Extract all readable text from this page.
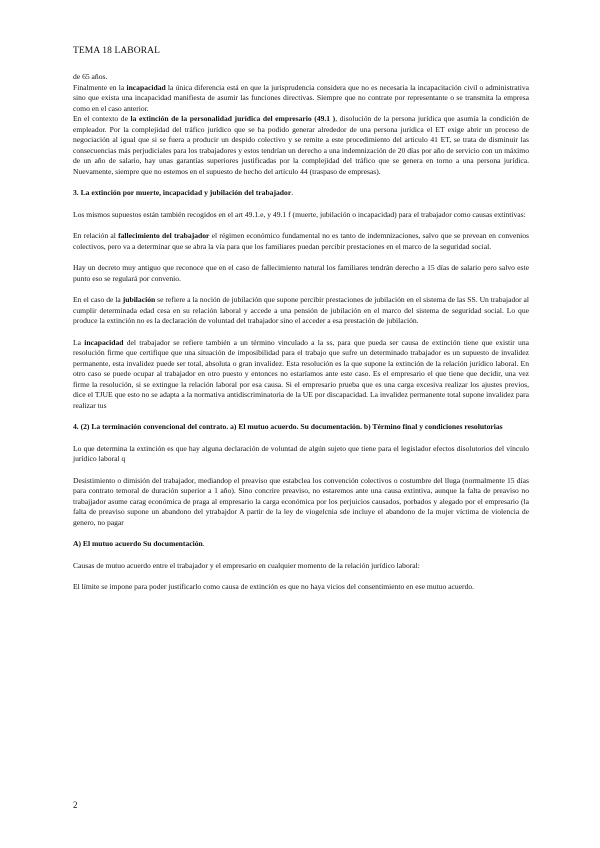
TEMA 18 LABORAL

de 65 años.

Finalmente en la incapacidad la única diferencia está en que la jurisprudencia considera que no es necesaria la incapacitación civil o administrativa sino que exista una incapacidad manifiesta de asumir las funciones directivas. Siempre que no contrate por representante o se transmita la empresa como en el caso anterior.

En el contexto de la extinción de la personalidad jurídica del empresario (49.1 ), disolución de la persona jurídica que asumía la condición de empleador. Por la complejidad del tráfico jurídico que se ha podido generar alrededor de una persona jurídica el ET exige abrir un proceso de negociación al igual que si se fuera a producir un despido colectivo y se remite a este procedimiento del articulo 41 ET, se trata de disminuir las consecuencias más perjudiciales para los trabajadores y estos tendrían un derecho a una indemnización de 20 días por año de servicio con un máximo de un año de salario, hay unas garantías superiores justificadas por la complejidad del tráfico que se genera en torno a una persona jurídica. Nuevamente, siempre que no estemos en el supuesto de hecho del artículo 44 (traspaso de empresas).

3. La extinción por muerte, incapacidad y jubilación del trabajador.

Los mismos supuestos están también recogidos en el art 49.1.e, y 49.1 f (muerte, jubilación o incapacidad) para el trabajador como causas extintivas:

En relación al fallecimiento del trabajador el régimen económico fundamental no es tanto de indemnizaciones, salvo que se prevean en convenios colectivos, pero va a determinar que se abra la vía para que los familiares puedan percibir prestaciones en el marco de la seguridad social.

Hay un decreto muy antiguo que reconoce que en el caso de fallecimiento natural los familiares tendrán derecho a 15 días de salario pero salvo este punto eso se regulará por convenio.

En el caso de la jubilación se refiere a la noción de jubilación que supone percibir prestaciones de jubilación en el sistema de las SS. Un trabajador al cumplir determinada edad cesa en su relación laboral y accede a una pensión de jubilación en el marco del sistema de seguridad social. Lo que produce la extinción no es la declaración de voluntad del trabajador sino el acceder a esa prestación de jubilación.

La incapacidad del trabajador se refiere también a un término vinculado a la ss, para que pueda ser causa de extinción tiene que existir una resolución firme que certifique que una situación de imposibilidad para el trabajo que sufre un determinado trabajador es un supuesto de invalidez permanente, esta invalidez puede ser total, absoluta o gran invalidez. Esta resolución es la que supone la extinción de la relación jurídico laboral. En otro caso se puede ocupar al trabajador en otro puesto y entonces no estaríamos ante este caso. Es el empresario el que tiene que decidir, una vez firme la resolución, si se extingue la relación laboral por esa causa. Si el empresario prueba que es una carga excesiva realizar los ajustes previos, dice el TJUE que esto no se adapta a la normativa antidiscriminatoria de la UE por discapacidad. La invalidez permanente total supone invalidez para realizar tus

4. (2) La terminación convencional del contrato. a) El mutuo acuerdo. Su documentación. b) Término final y condiciones resolutorias

Lo que determina la extinción es que hay alguna declaración de voluntad de algún sujeto que tiene para el legislador efectos disolutorios del vínculo jurídico laboral q

Desistimiento o dimisión del trabajador, mediandop el preaviso que estabclea los convención colectivos o costumbre del lluga (normalmente 15 días para contrato temoral de duración superior a 1 año). Sino concrire preaviso, no estaremos ante una causa extintiva, aunque la falta de preaviso no trabajjador asume carag económica de praga al empresario la carga económica por los perjuicios causados, porbados y alegado por el empresario (la falta de preaviso supone un abandono del ytrabajdor A partir de la ley de viogelcnia sde incluye el abandono de la mujer víctima de violencia de genero, no pagar

A) El mutuo acuerdo Su documentación.

Causas de mutuo acuerdo entre el trabajador y el empresario en cualquier momento de la relación jurídico laboral:

El límite se impone para poder justificarlo como causa de extinción es que no haya vicios del consentimiento en ese mutuo acuerdo.

2
